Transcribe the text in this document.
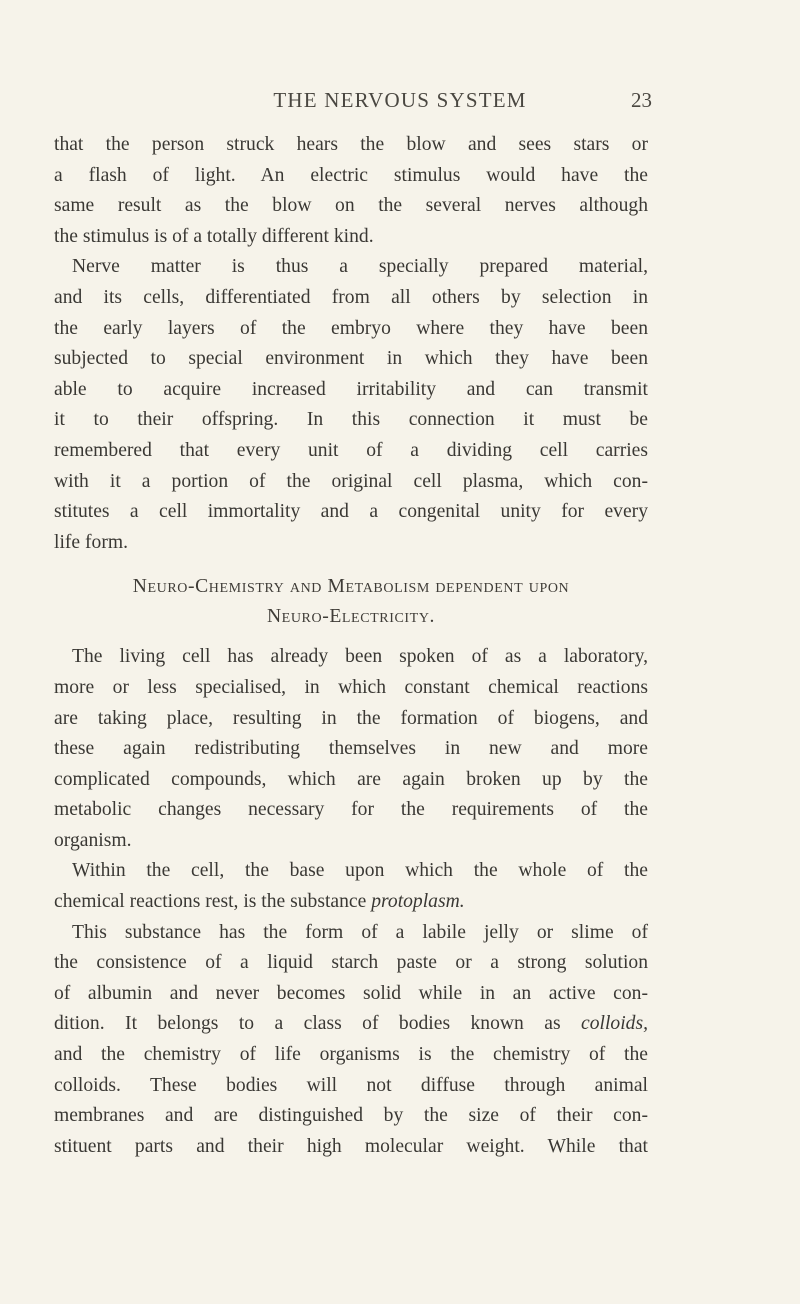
THE NERVOUS SYSTEM	23
that the person struck hears the blow and sees stars or
a flash of light. An electric stimulus would have the
same result as the blow on the several nerves although
the stimulus is of a totally different kind.
Nerve matter is thus a specially prepared material,
and its cells, differentiated from all others by selection in
the early layers of the embryo where they have been
subjected to special environment in which they have been
able to acquire increased irritability and can transmit
it to their offspring. In this connection it must be
remembered that every unit of a dividing cell carries
with it a portion of the original cell plasma, which con-
stitutes a cell immortality and a congenital unity for every
life form.
Neuro-Chemistry and Metabolism dependent upon
Neuro-Electricity.
The living cell has already been spoken of as a laboratory,
more or less specialised, in which constant chemical reactions
are taking place, resulting in the formation of biogens, and
these again redistributing themselves in new and more
complicated compounds, which are again broken up by the
metabolic changes necessary for the requirements of the
organism.
Within the cell, the base upon which the whole of the
chemical reactions rest, is the substance protoplasm.
This substance has the form of a labile jelly or slime of
the consistence of a liquid starch paste or a strong solution
of albumin and never becomes solid while in an active con-
dition. It belongs to a class of bodies known as colloids,
and the chemistry of life organisms is the chemistry of the
colloids. These bodies will not diffuse through animal
membranes and are distinguished by the size of their con-
stituent parts and their high molecular weight. While that
